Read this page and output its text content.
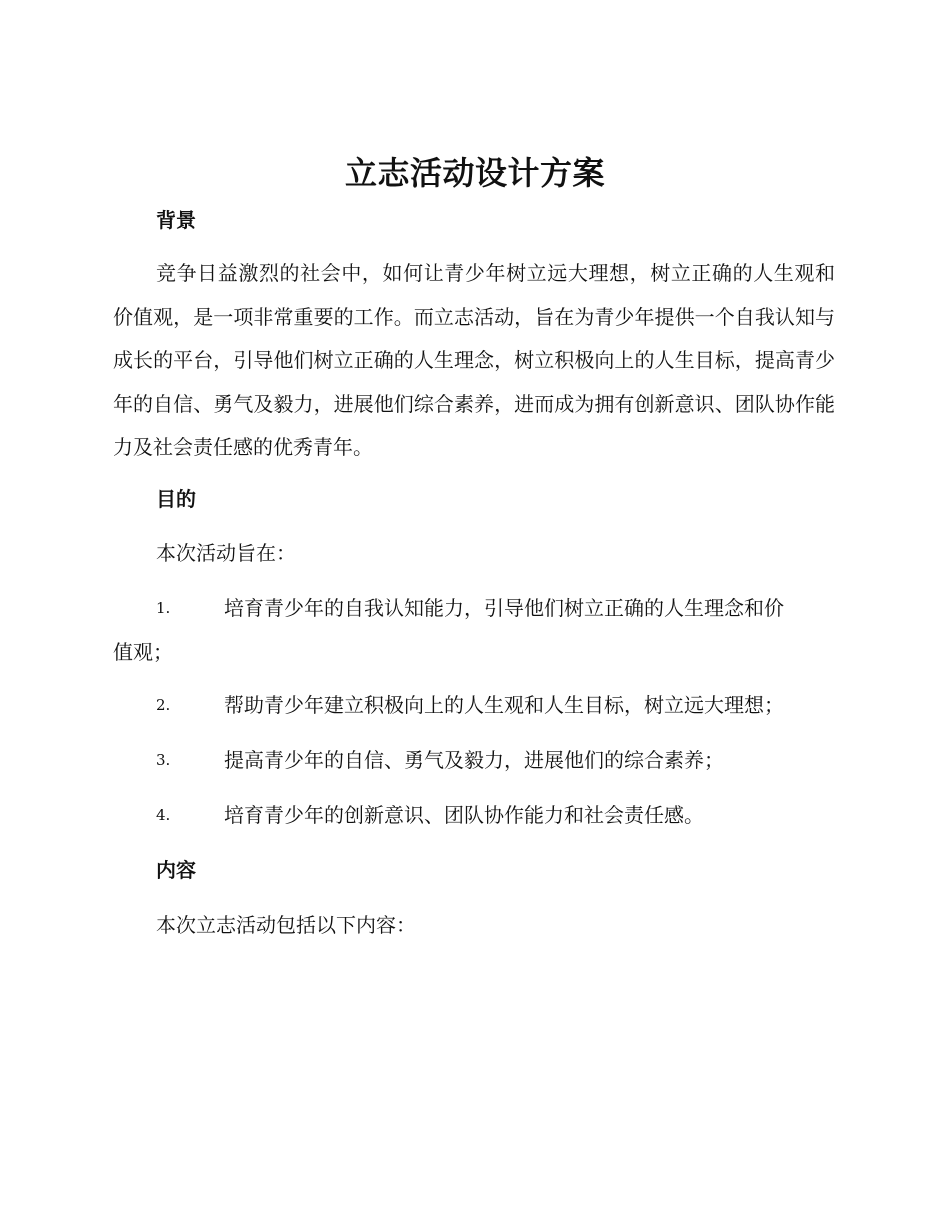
立志活动设计方案
背景

竞争日益激烈的社会中，如何让青少年树立远大理想，树立正确的人生观和价值观，是一项非常重要的工作。而立志活动，旨在为青少年提供一个自我认知与成长的平台，引导他们树立正确的人生理念，树立积极向上的人生目标，提高青少年的自信、勇气及毅力，进展他们综合素养，进而成为拥有创新意识、团队协作能力及社会责任感的优秀青年。

目的

本次活动旨在：

1.	培育青少年的自我认知能力，引导他们树立正确的人生理念和价
值观；
2.	帮助青少年建立积极向上的人生观和人生目标，树立远大理想；
3.	提高青少年的自信、勇气及毅力，进展他们的综合素养；
4.	培育青少年的创新意识、团队协作能力和社会责任感。
内容

本次立志活动包括以下内容：
